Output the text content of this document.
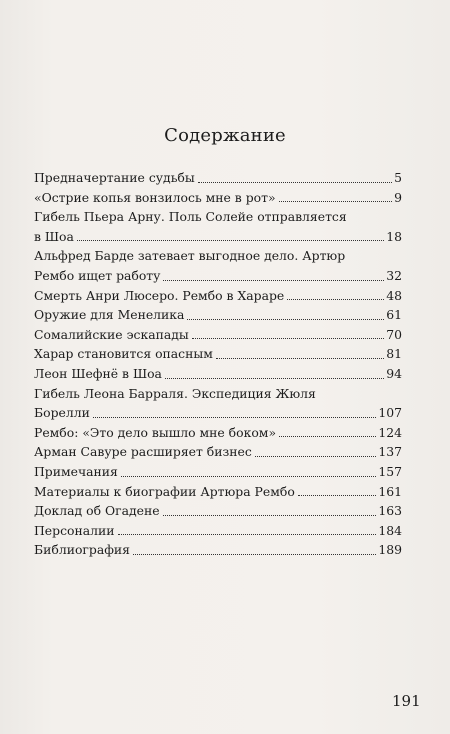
Содержание
Предначертание судьбы	5
«Острие копья вонзилось мне в рот»	9
Гибель Пьера Арну. Поль Солейе отправляется
в Шоа	18
Альфред Барде затевает выгодное дело. Артюр
Рембо ищет работу	32
Смерть Анри Люсеро. Рембо в Хараре	48
Оружие для Менелика	61
Сомалийские эскапады	70
Харар становится опасным	81
Леон Шефнё в Шоа	94
Гибель Леона Барраля. Экспедиция Жюля
Борелли	107
Рембо: «Это дело вышло мне боком»	124
Арман Савуре расширяет бизнес	137
Примечания	157
Материалы к биографии Артюра Рембо	161
Доклад об Огадене	163
Персоналии	184
Библиография	189
191
